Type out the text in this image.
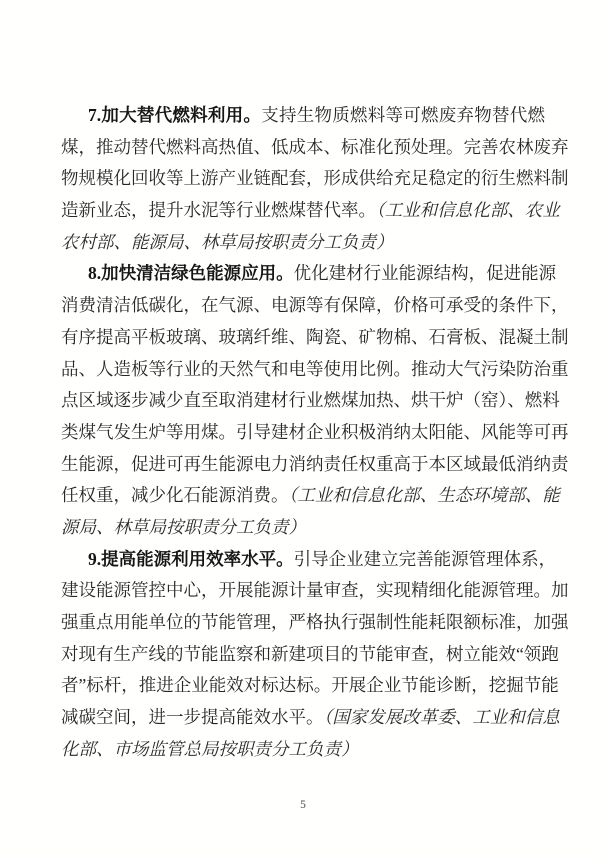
7.加大替代燃料利用。支持生物质燃料等可燃废弃物替代燃
煤，推动替代燃料高热值、低成本、标准化预处理。完善农林废弃
物规模化回收等上游产业链配套，形成供给充足稳定的衍生燃料制
造新业态，提升水泥等行业燃煤替代率。（工业和信息化部、农业
农村部、能源局、林草局按职责分工负责）
8.加快清洁绿色能源应用。优化建材行业能源结构，促进能源
消费清洁低碳化，在气源、电源等有保障，价格可承受的条件下，
有序提高平板玻璃、玻璃纤维、陶瓷、矿物棉、石膏板、混凝土制
品、人造板等行业的天然气和电等使用比例。推动大气污染防治重
点区域逐步减少直至取消建材行业燃煤加热、烘干炉（窑）、燃料
类煤气发生炉等用煤。引导建材企业积极消纳太阳能、风能等可再
生能源，促进可再生能源电力消纳责任权重高于本区域最低消纳责
任权重，减少化石能源消费。（工业和信息化部、生态环境部、能
源局、林草局按职责分工负责）
9.提高能源利用效率水平。引导企业建立完善能源管理体系，
建设能源管控中心，开展能源计量审查，实现精细化能源管理。加
强重点用能单位的节能管理，严格执行强制性能耗限额标准，加强
对现有生产线的节能监察和新建项目的节能审查，树立能效“领跑
者”标杆，推进企业能效对标达标。开展企业节能诊断，挖掘节能
减碳空间，进一步提高能效水平。（国家发展改革委、工业和信息
化部、市场监管总局按职责分工负责）
5
